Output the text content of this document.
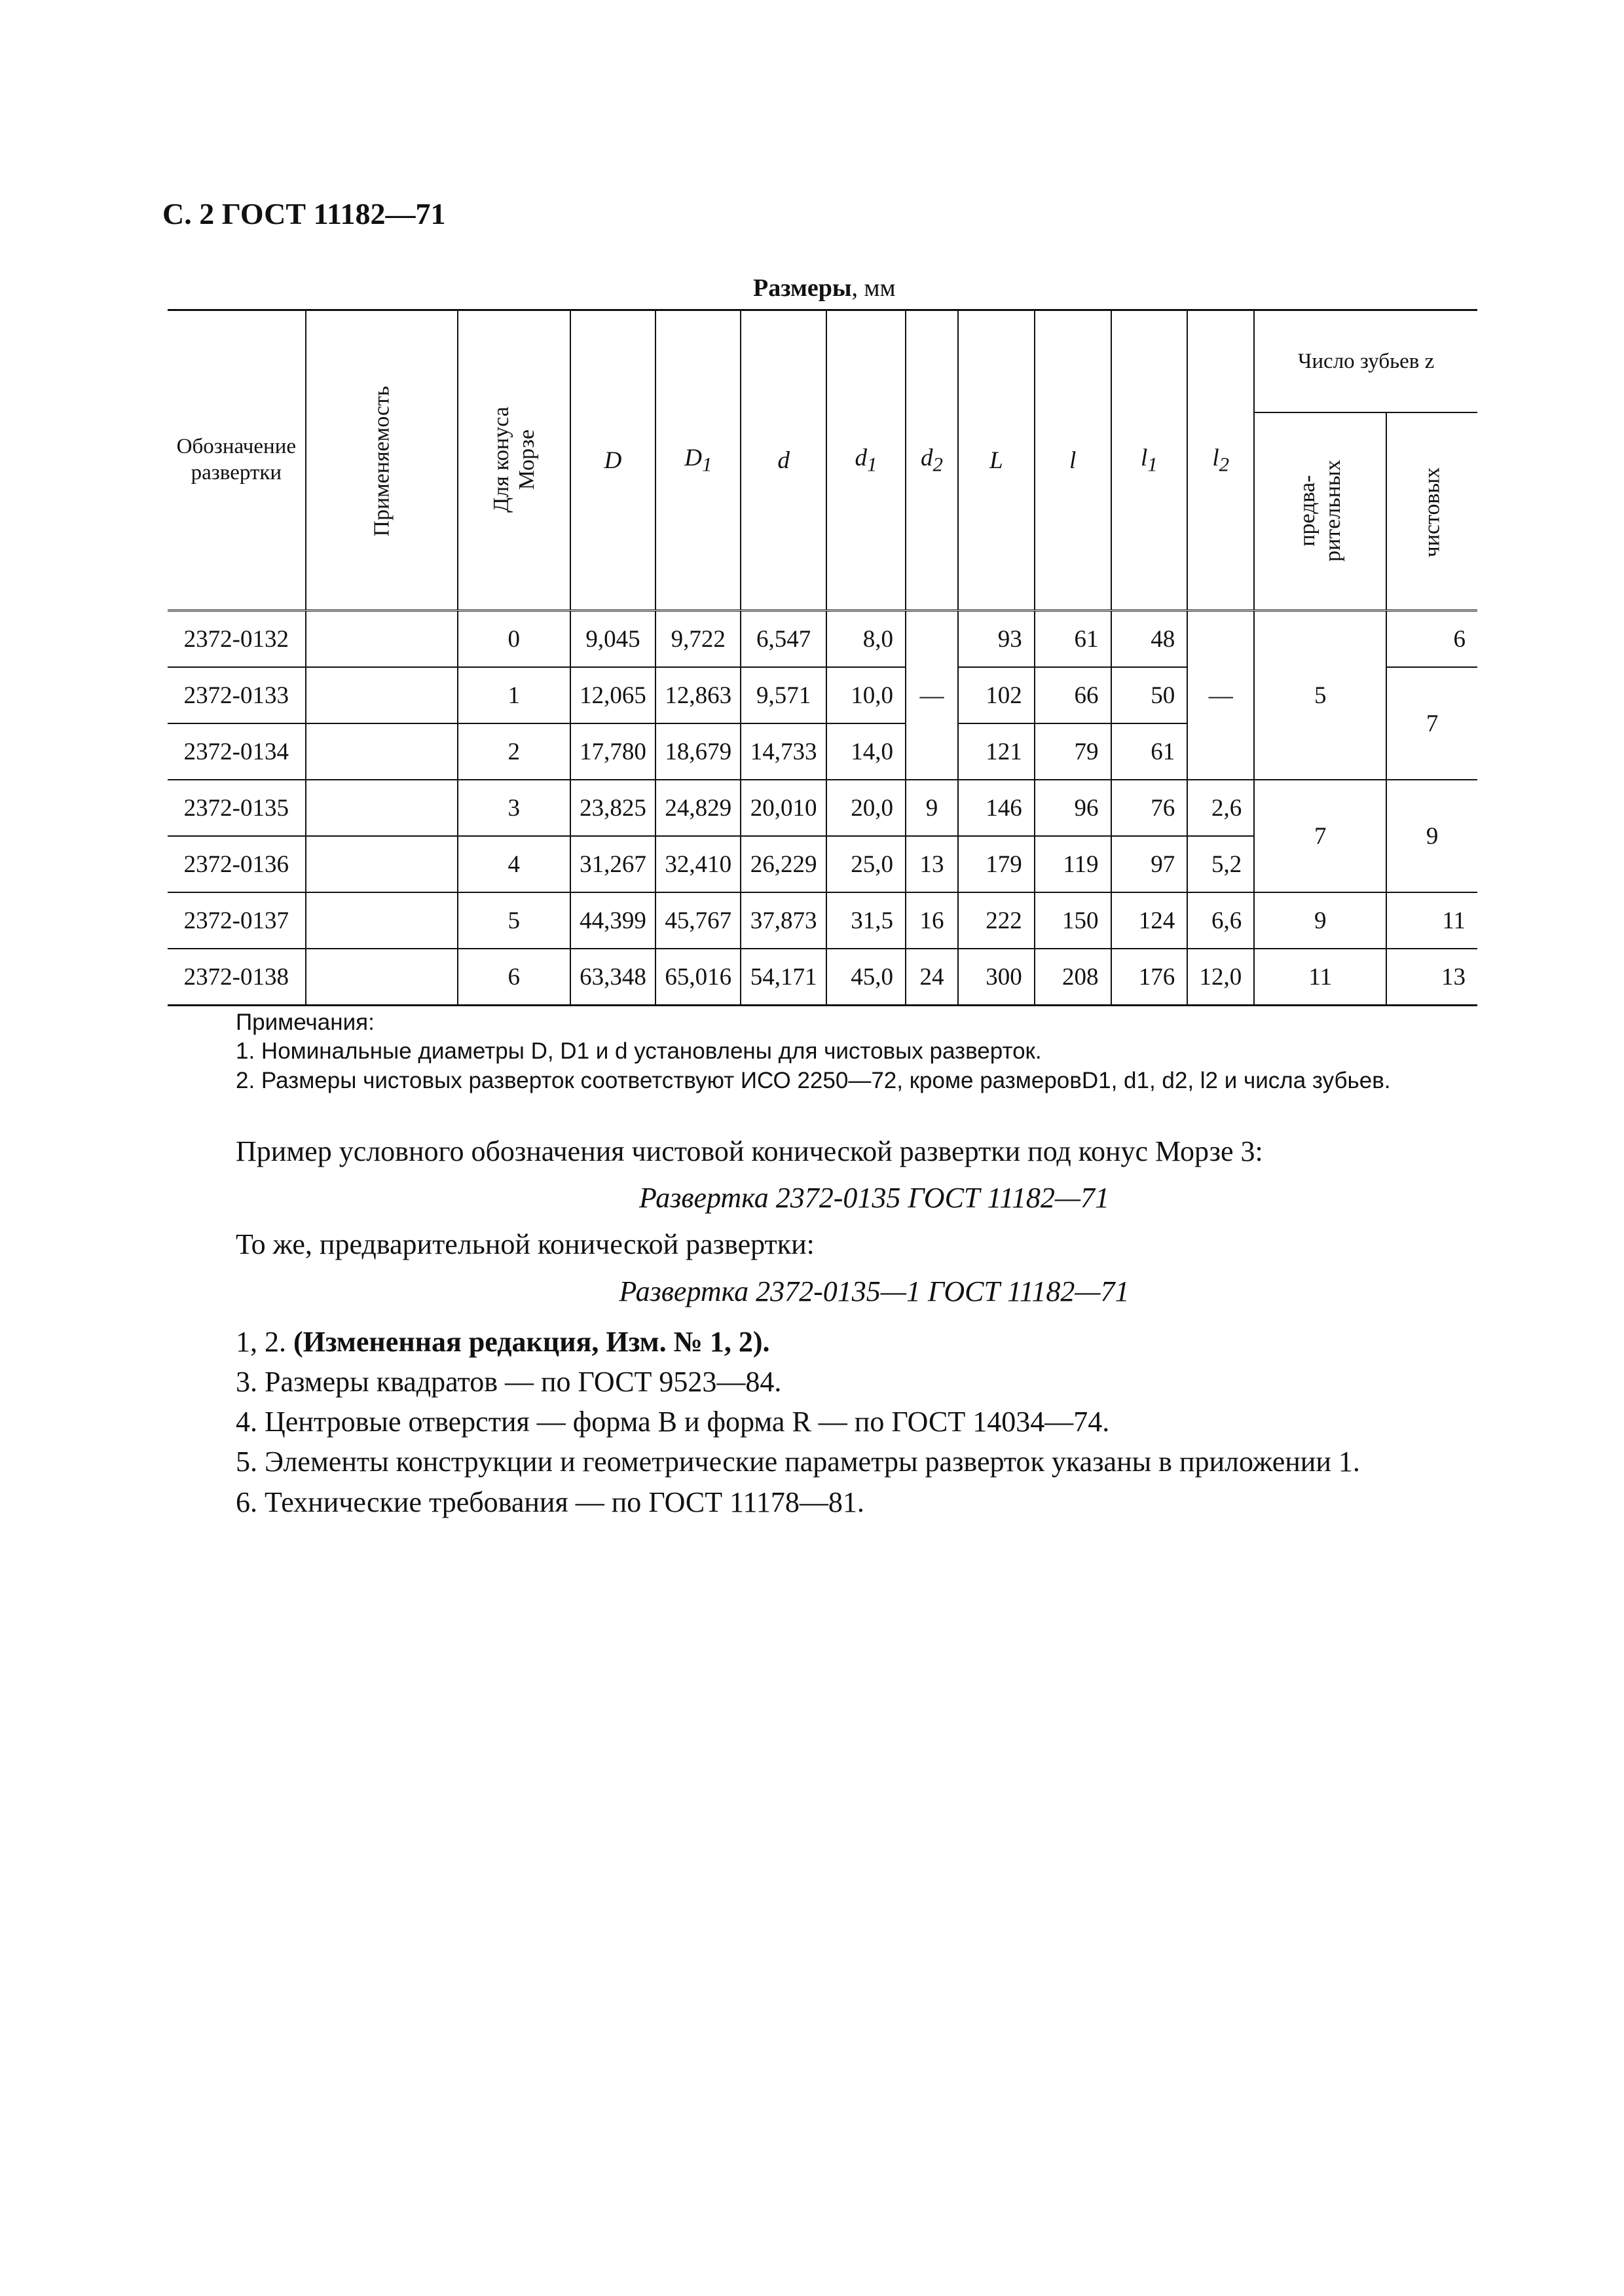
С. 2 ГОСТ 11182—71
Размеры, мм
Обозначение развертки	Применяемость	Для конуса Морзе	D	$D_1$	d	$d_1$	$d_2$	L	l	$l_1$	$l_2$	Число зубьев z	
												предва-рительных	чистовых
2372-0132		0	9,045	9,722	6,547	8,0	—	93	61	48	—	5	6
2372-0133		1	12,065	12,863	9,571	10,0		102	66	50			7
2372-0134		2	17,780	18,679	14,733	14,0		121	79	61			
2372-0135		3	23,825	24,829	20,010	20,0	9	146	96	76	2,6	7	9
2372-0136		4	31,267	32,410	26,229	25,0	13	179	119	97	5,2		
2372-0137		5	44,399	45,767	37,873	31,5	16	222	150	124	6,6	9	11
2372-0138		6	63,348	65,016	54,171	45,0	24	300	208	176	12,0	11	13
Примечания:
1. Номинальные диаметры D, D1 и d установлены для чистовых разверток.
2. Размеры чистовых разверток соответствуют ИСО 2250—72, кроме размеровD1, d1, d2, l2 и числа зубьев.
Пример условного обозначения чистовой конической развертки под конус Морзе 3:
Развертка 2372-0135 ГОСТ 11182—71
То же, предварительной конической развертки:
Развертка 2372-0135—1 ГОСТ 11182—71
1, 2. (Измененная редакция, Изм. № 1, 2).
3. Размеры квадратов — по ГОСТ 9523—84.
4. Центровые отверстия — форма B и форма R — по ГОСТ 14034—74.
5. Элементы конструкции и геометрические параметры разверток указаны в приложении 1.
6. Технические требования — по ГОСТ 11178—81.
